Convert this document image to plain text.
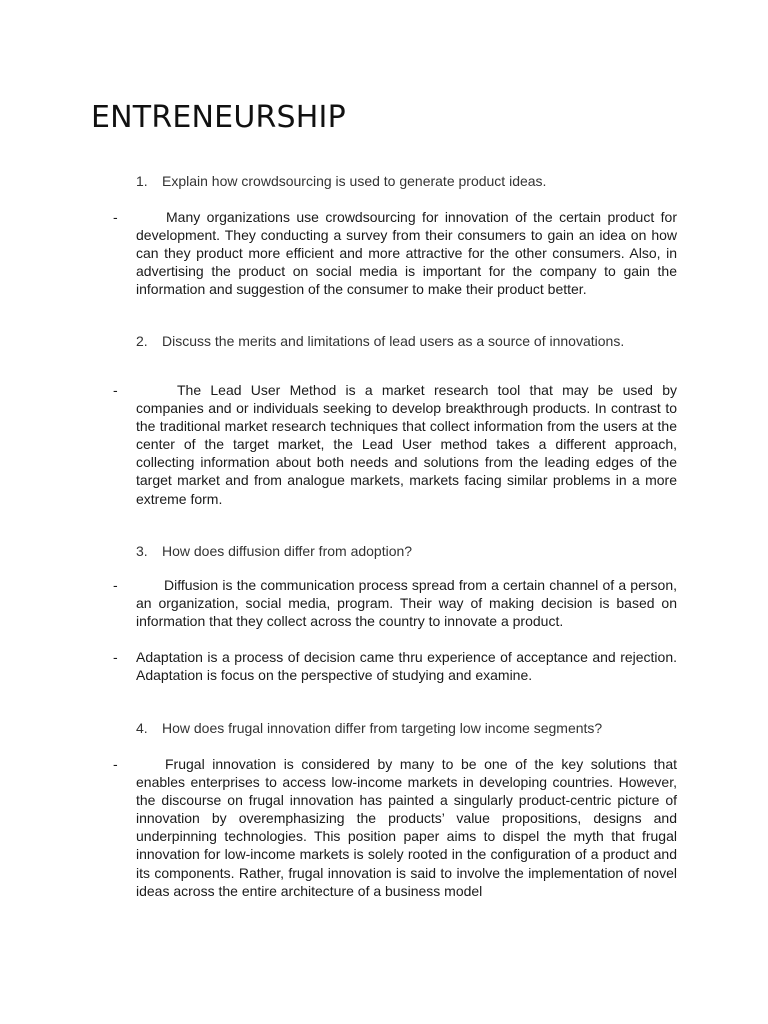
ENTRENEURSHIP
1. Explain how crowdsourcing is used to generate product ideas.
-	Many organizations use crowdsourcing for innovation of the certain product for development. They conducting a survey from their consumers to gain an idea on how can they product more efficient and more attractive for the other consumers. Also, in advertising the product on social media is important for the company to gain the information and suggestion of the consumer to make their product better.

2. Discuss the merits and limitations of lead users as a source of innovations.
-	The Lead User Method is a market research tool that may be used by companies and or individuals seeking to develop breakthrough products. In contrast to the traditional market research techniques that collect information from the users at the center of the target market, the Lead User method takes a different approach, collecting information about both needs and solutions from the leading edges of the target market and from analogue markets, markets facing similar problems in a more extreme form.

3. How does diffusion differ from adoption?
-	Diffusion is the communication process spread from a certain channel of a person, an organization, social media, program. Their way of making decision is based on information that they collect across the country to innovate a product.

- Adaptation is a process of decision came thru experience of acceptance and rejection. Adaptation is focus on the perspective of studying and examine.

4. How does frugal innovation differ from targeting low income segments?
-	Frugal innovation is considered by many to be one of the key solutions that enables enterprises to access low-income markets in developing countries. However, the discourse on frugal innovation has painted a singularly product-centric picture of innovation by overemphasizing the products’ value propositions, designs and underpinning technologies. This position paper aims to dispel the myth that frugal innovation for low-income markets is solely rooted in the configuration of a product and its components. Rather, frugal innovation is said to involve the implementation of novel ideas across the entire architecture of a business model
